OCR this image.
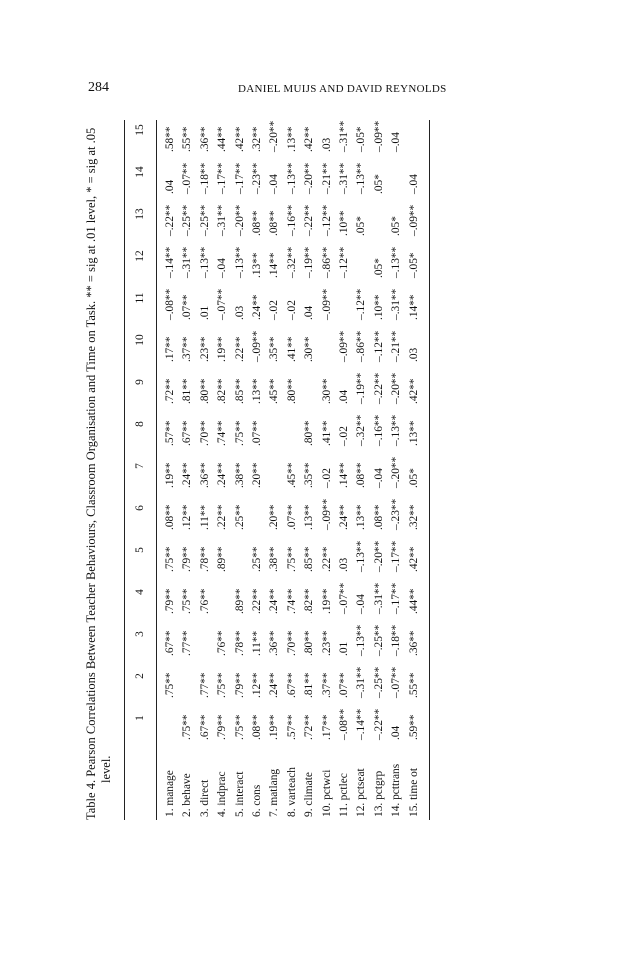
284	DANIEL MUIJS AND DAVID REYNOLDS
Table 4. Pearson Correlations Between Teacher Behaviours, Classroom Organisation and Time on Task. ** = sig at .01 level, * = sig at .05 level.
1
2
3
4
5
6
7
8
9
10
11
12
13
14
15
1. manage
.75**
.67**
.79**
.75**
.08**
.19**
.57**
.72**
.17**
–.08**
–.14**
–.22**
.04
.58**
2. behave
.75**
.77**
.75**
.79**
.12**
.24**
.67**
.81**
.37**
.07**
–.31**
–.25**
–.07**
.55**
3. direct
.67**
.77**
.76**
.78**
.11**
.36**
.70**
.80**
.23**
.01
–.13**
–.25**
–.18**
.36**
4. indprac
.79**
.75**
.76**
.89**
.22**
.24**
.74**
.82**
.19**
–.07**
–.04
–.31**
–.17**
.44**
5. interact
.75**
.79**
.78**
.89**
.25**
.38**
.75**
.85**
.22**
.03
–.13**
–.20**
–.17**
.42**
6. cons
.08**
.12**
.11**
.22**
.25**
.20**
.07**
.13**
–.09**
.24**
.13**
.08**
–.23**
.32**
7. matlang
.19**
.24**
.36**
.24**
.38**
.20**
.45**
.35**
–.02
.14**
.08**
–.04
–.20**
8. varteach
.57**
.67**
.70**
.74**
.75**
.07**
.45**
.80**
.41**
–.02
–.32**
–.16**
–.13**
.13**
9. climate
.72**
.81**
.80**
.82**
.85**
.13**
.35**
.80**
.30**
.04
–.19**
–.22**
–.20**
.42**
10. pctwci
.17**
.37**
.23**
.19**
.22**
–.09**
–.02
.41**
.30**
–.09**
–.86**
–.12**
–.21**
.03
11. pctlec
–.08**
.07**
.01
–.07**
.03
.24**
.14**
–.02
.04
–.09**
–.12**
.10**
–.31**
–.31**
12. pctseat
–.14**
–.31**
–.13**
–.04
–.13**
.13**
.08**
–.32**
–.19**
–.86**
–.12**
.05*
–.13**
–.05*
13. pctgrp
–.22**
–.25**
–.25**
–.31**
–.20**
.08**
–.04
–.16**
–.22**
–.12**
.10**
.05*
.05*
–.09**
14. pcttrans
.04
–.07**
–.18**
–.17**
–.17**
–.23**
–.20**
–.13**
–.20**
–.21**
–.31**
–.13**
.05*
–.04
15. time ot
.59**
.55**
.36**
.44**
.42**
.32**
.05*
.13**
.42**
.03
.14**
–.05*
–.09**
–.04
